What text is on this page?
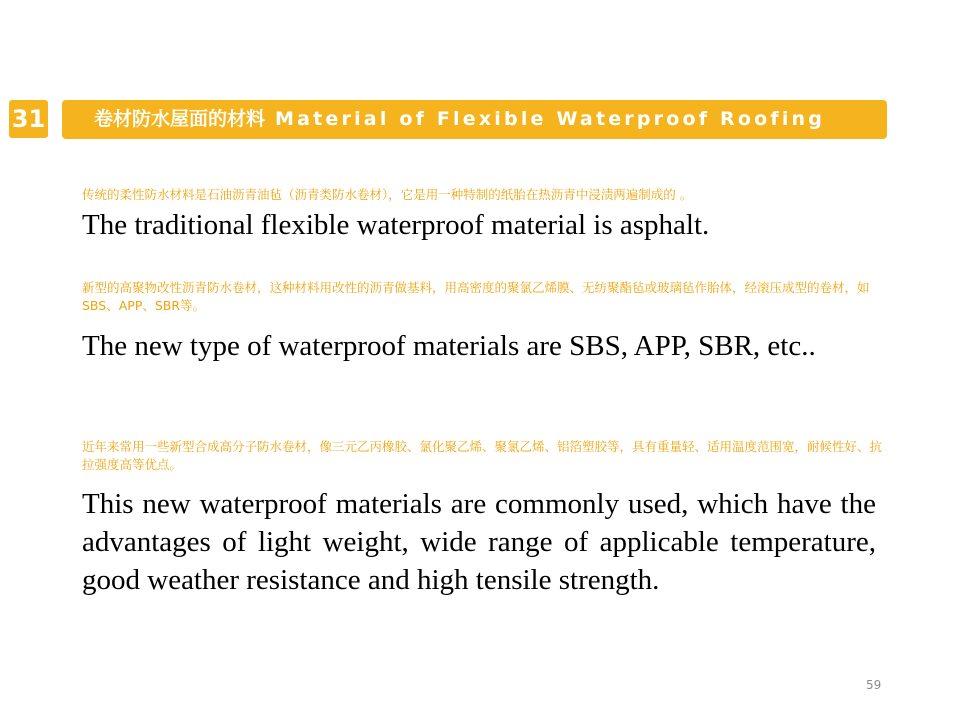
31	卷材防水屋面的材料 Material of Flexible Waterproof Roofing
传统的柔性防水材料是石油沥青油毡（沥青类防水卷材），它是用一种特制的纸胎在热沥青中浸渍两遍制成的 。
The traditional flexible waterproof material is asphalt.
新型的高聚物改性沥青防水卷材，这种材料用改性的沥青做基料，用高密度的聚氯乙烯膜、无纺聚酯毡或玻璃毡作胎体，经滚压成型的卷材，如 SBS、APP、SBR等。
The new type of waterproof materials are SBS, APP, SBR, etc..
近年来常用一些新型合成高分子防水卷材，像三元乙丙橡胶、氯化聚乙烯、聚氯乙烯、铝箔塑胶等，具有重量轻、适用温度范围宽，耐候性好、抗拉强度高等优点。
This new waterproof materials are commonly used, which have the advantages of light weight, wide range of applicable temperature, good weather resistance and high tensile strength.
59
